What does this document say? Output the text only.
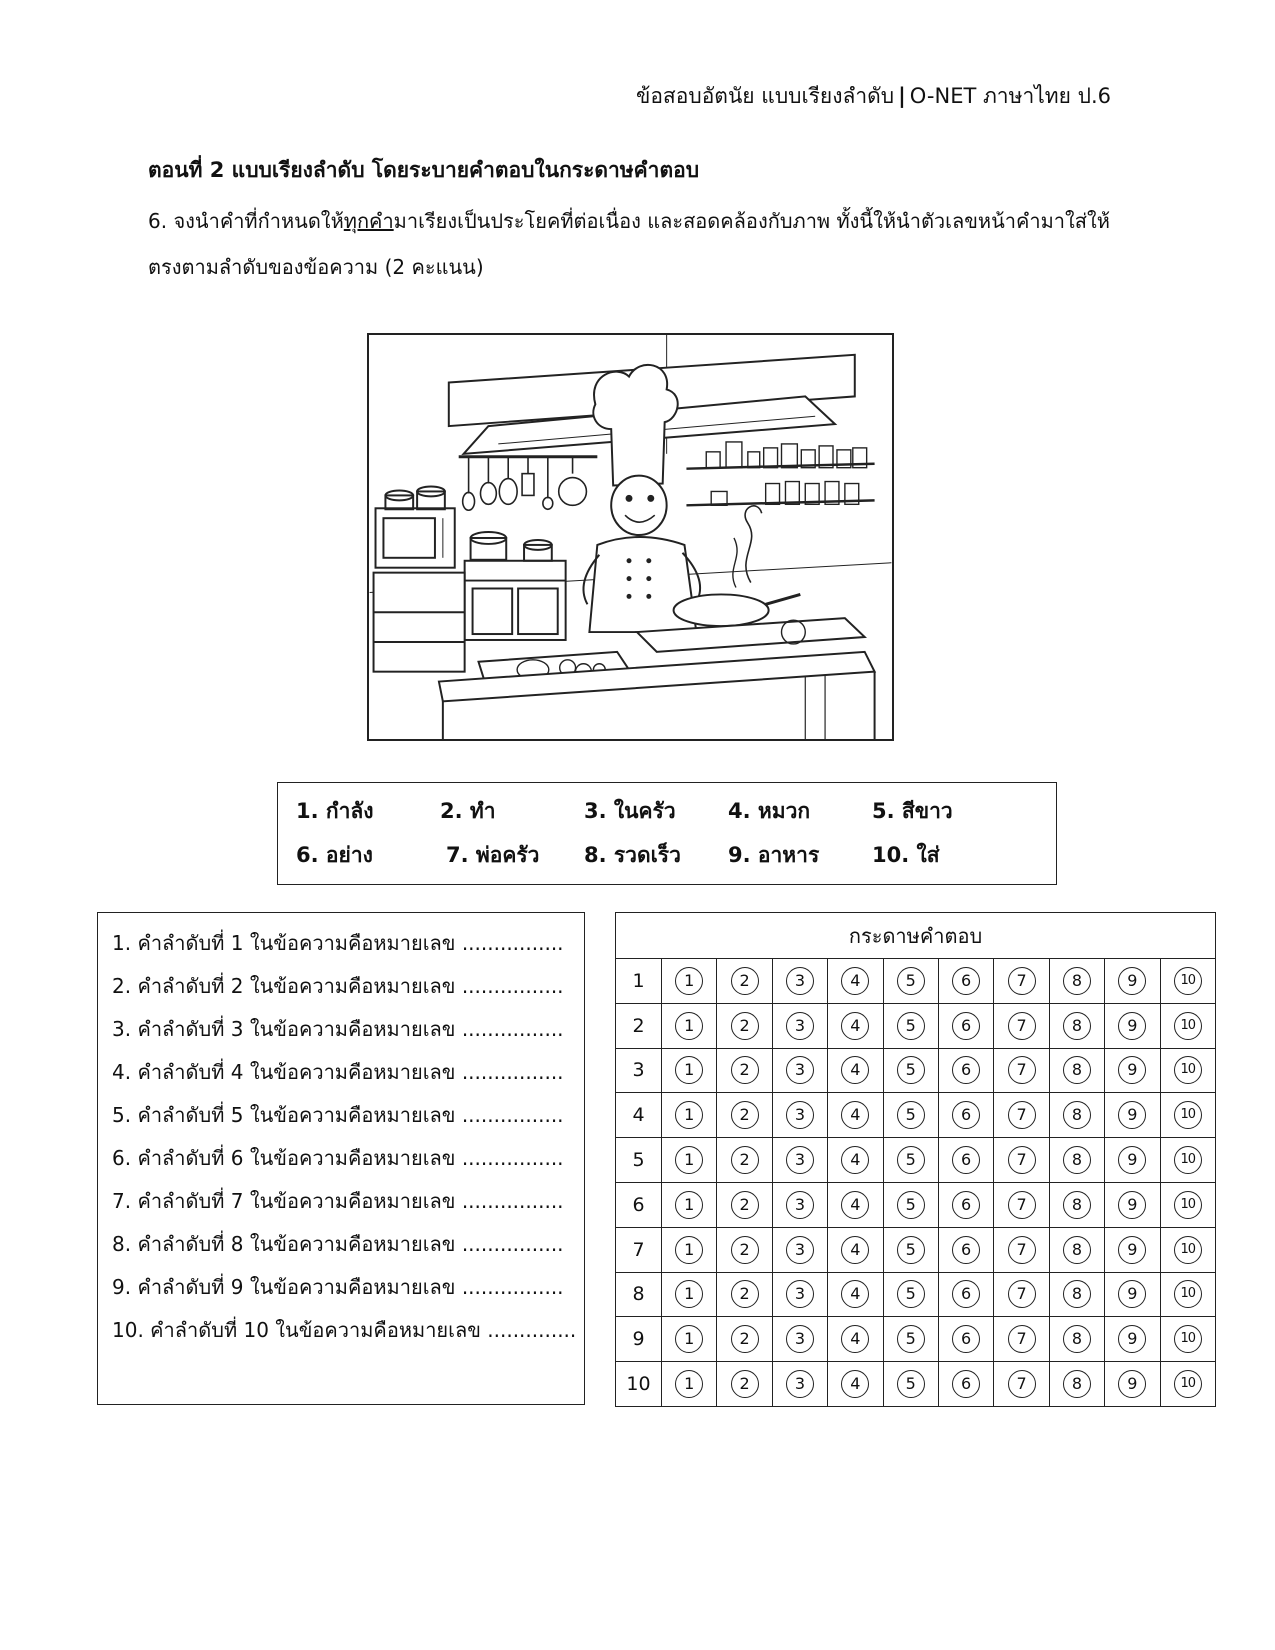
ข้อสอบอัตนัย แบบเรียงลำดับ | O-NET ภาษาไทย ป.6
ตอนที่ 2 แบบเรียงลำดับ โดยระบายคำตอบในกระดาษคำตอบ
6. จงนำคำที่กำหนดให้ทุกคำมาเรียงเป็นประโยคที่ต่อเนื่อง และสอดคล้องกับภาพ ทั้งนี้ให้นำตัวเลขหน้าคำมาใส่ให้
ตรงตามลำดับของข้อความ (2 คะแนน)
1. กำลัง	2. ทำ	3. ในครัว 4. หมวก	5. สีขาว
6. อย่าง	7. พ่อครัว 8. รวดเร็ว 9. อาหาร	10. ใส่
1. คำลำดับที่ 1 ในข้อความคือหมายเลข ................
2. คำลำดับที่ 2 ในข้อความคือหมายเลข ................
3. คำลำดับที่ 3 ในข้อความคือหมายเลข ................
4. คำลำดับที่ 4 ในข้อความคือหมายเลข ................
5. คำลำดับที่ 5 ในข้อความคือหมายเลข ................
6. คำลำดับที่ 6 ในข้อความคือหมายเลข ................
7. คำลำดับที่ 7 ในข้อความคือหมายเลข ................
8. คำลำดับที่ 8 ในข้อความคือหมายเลข ................
9. คำลำดับที่ 9 ในข้อความคือหมายเลข ................
10. คำลำดับที่ 10 ในข้อความคือหมายเลข ..............
กระดาษคำตอบ										
1	1	2	3	4	5	6	7	8	9	10
2	1	2	3	4	5	6	7	8	9	10
3	1	2	3	4	5	6	7	8	9	10
4	1	2	3	4	5	6	7	8	9	10
5	1	2	3	4	5	6	7	8	9	10
6	1	2	3	4	5	6	7	8	9	10
7	1	2	3	4	5	6	7	8	9	10
8	1	2	3	4	5	6	7	8	9	10
9	1	2	3	4	5	6	7	8	9	10
10	1	2	3	4	5	6	7	8	9	10
